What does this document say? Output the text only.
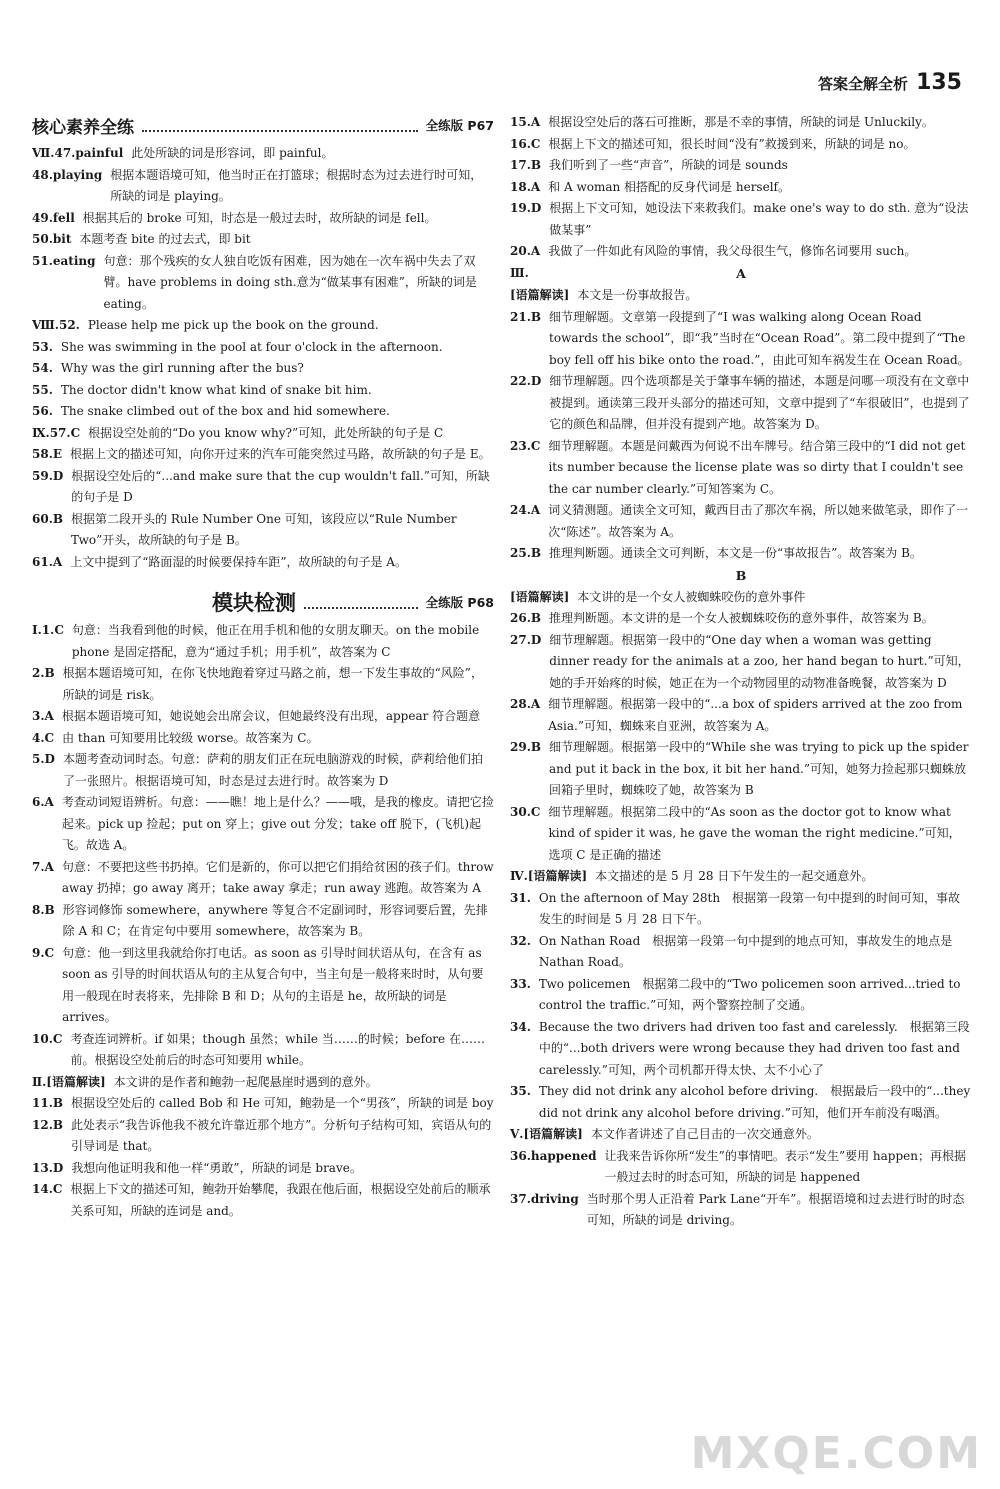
答案全解全析 135
核心素养全练	全练版 P67
Ⅶ.47.painful 此处所缺的词是形容词，即 painful。
48.playing 根据本题语境可知，他当时正在打篮球；根据时态为过去进行时可知，所缺的词是 playing。
49.fell 根据其后的 broke 可知，时态是一般过去时，故所缺的词是 fell。
50.bit 本题考查 bite 的过去式，即 bit
51.eating 句意：那个残疾的女人独自吃饭有困难，因为她在一次车祸中失去了双臂。have problems in doing sth.意为“做某事有困难”，所缺的词是 eating。
Ⅷ.52. Please help me pick up the book on the ground.
53. She was swimming in the pool at four o'clock in the afternoon.
54. Why was the girl running after the bus?
55. The doctor didn't know what kind of snake bit him.
56. The snake climbed out of the box and hid somewhere.
Ⅸ.57.C 根据设空处前的“Do you know why?”可知，此处所缺的句子是 C
58.E 根据上文的描述可知，向你开过来的汽车可能突然过马路，故所缺的句子是 E。
59.D 根据设空处后的“...and make sure that the cup wouldn't fall.”可知，所缺的句子是 D
60.B 根据第二段开头的 Rule Number One 可知，该段应以“Rule Number Two”开头，故所缺的句子是 B。
61.A 上文中提到了“路面湿的时候要保持车距”，故所缺的句子是 A。
模块检测	全练版 P68
Ⅰ.1.C 句意：当我看到他的时候，他正在用手机和他的女朋友聊天。on the mobile phone 是固定搭配，意为“通过手机；用手机”，故答案为 C
2.B 根据本题语境可知，在你飞快地跑着穿过马路之前，想一下发生事故的“风险”，所缺的词是 risk。
3.A 根据本题语境可知，她说她会出席会议，但她最终没有出现，appear 符合题意
4.C 由 than 可知要用比较级 worse。故答案为 C。
5.D 本题考查动词时态。句意：萨莉的朋友们正在玩电脑游戏的时候，萨莉给他们拍了一张照片。根据语境可知，时态是过去进行时。故答案为 D
6.A 考查动词短语辨析。句意：——瞧！地上是什么？——哦，是我的橡皮。请把它捡起来。pick up 捡起；put on 穿上；give out 分发；take off 脱下，(飞机)起飞。故选 A。
7.A 句意：不要把这些书扔掉。它们是新的，你可以把它们捐给贫困的孩子们。throw away 扔掉；go away 离开；take away 拿走；run away 逃跑。故答案为 A
8.B 形容词修饰 somewhere，anywhere 等复合不定副词时，形容词要后置，先排除 A 和 C；在肯定句中要用 somewhere，故答案为 B。
9.C 句意：他一到这里我就给你打电话。as soon as 引导时间状语从句，在含有 as soon as 引导的时间状语从句的主从复合句中，当主句是一般将来时时，从句要用一般现在时表将来，先排除 B 和 D；从句的主语是 he，故所缺的词是 arrives。
10.C 考查连词辨析。if 如果；though 虽然；while 当……的时候；before 在……前。根据设空处前后的时态可知要用 while。
Ⅱ.[语篇解读] 本文讲的是作者和鲍勃一起爬悬崖时遇到的意外。
11.B 根据设空处后的 called Bob 和 He 可知，鲍勃是一个“男孩”，所缺的词是 boy
12.B 此处表示“我告诉他我不被允许靠近那个地方”。分析句子结构可知，宾语从句的引导词是 that。
13.D 我想向他证明我和他一样“勇敢”，所缺的词是 brave。
14.C 根据上下文的描述可知，鲍勃开始攀爬，我跟在他后面，根据设空处前后的顺承关系可知，所缺的连词是 and。
15.A 根据设空处后的落石可推断，那是不幸的事情，所缺的词是 Unluckily。
16.C 根据上下文的描述可知，很长时间“没有”救援到来，所缺的词是 no。
17.B 我们听到了一些“声音”，所缺的词是 sounds
18.A 和 A woman 相搭配的反身代词是 herself。
19.D 根据上下文可知，她设法下来救我们。make one's way to do sth. 意为“设法做某事”
20.A 我做了一件如此有风险的事情，我父母很生气，修饰名词要用 such。
Ⅲ.	A
[语篇解读] 本文是一份事故报告。
21.B 细节理解题。文章第一段提到了“I was walking along Ocean Road towards the school”，即“我”当时在“Ocean Road”。第二段中提到了“The boy fell off his bike onto the road.”，由此可知车祸发生在 Ocean Road。
22.D 细节理解题。四个选项都是关于肇事车辆的描述，本题是问哪一项没有在文章中被提到。通读第三段开头部分的描述可知，文章中提到了“车很破旧”，也提到了它的颜色和品牌，但并没有提到产地。故答案为 D。
23.C 细节理解题。本题是问戴西为何说不出车牌号。结合第三段中的“I did not get its number because the license plate was so dirty that I couldn't see the car number clearly.”可知答案为 C。
24.A 词义猜测题。通读全文可知，戴西目击了那次车祸，所以她来做笔录，即作了一次“陈述”。故答案为 A。
25.B 推理判断题。通读全文可判断，本文是一份“事故报告”。故答案为 B。
B
[语篇解读] 本文讲的是一个女人被蜘蛛咬伤的意外事件
26.B 推理判断题。本文讲的是一个女人被蜘蛛咬伤的意外事件，故答案为 B。
27.D 细节理解题。根据第一段中的“One day when a woman was getting dinner ready for the animals at a zoo, her hand began to hurt.”可知，她的手开始疼的时候，她正在为一个动物园里的动物准备晚餐，故答案为 D
28.A 细节理解题。根据第一段中的“...a box of spiders arrived at the zoo from Asia.”可知，蜘蛛来自亚洲，故答案为 A。
29.B 细节理解题。根据第一段中的“While she was trying to pick up the spider and put it back in the box, it bit her hand.”可知，她努力捡起那只蜘蛛放回箱子里时，蜘蛛咬了她，故答案为 B
30.C 细节理解题。根据第二段中的“As soon as the doctor got to know what kind of spider it was, he gave the woman the right medicine.”可知，选项 C 是正确的描述
Ⅳ.[语篇解读] 本文描述的是 5 月 28 日下午发生的一起交通意外。
31. On the afternoon of May 28th　根据第一段第一句中提到的时间可知，事故发生的时间是 5 月 28 日下午。
32. On Nathan Road　根据第一段第一句中提到的地点可知，事故发生的地点是 Nathan Road。
33. Two policemen　根据第二段中的“Two policemen soon arrived...tried to control the traffic.”可知，两个警察控制了交通。
34. Because the two drivers had driven too fast and carelessly.　根据第三段中的“...both drivers were wrong because they had driven too fast and carelessly.”可知，两个司机都开得太快、太不小心了
35. They did not drink any alcohol before driving.　根据最后一段中的“...they did not drink any alcohol before driving.”可知，他们开车前没有喝酒。
Ⅴ.[语篇解读] 本文作者讲述了自己目击的一次交通意外。
36.happened 让我来告诉你所“发生”的事情吧。表示“发生”要用 happen；再根据一般过去时的时态可知，所缺的词是 happened
37.driving 当时那个男人正沿着 Park Lane“开车”。根据语境和过去进行时的时态可知，所缺的词是 driving。
MXQE.COM
